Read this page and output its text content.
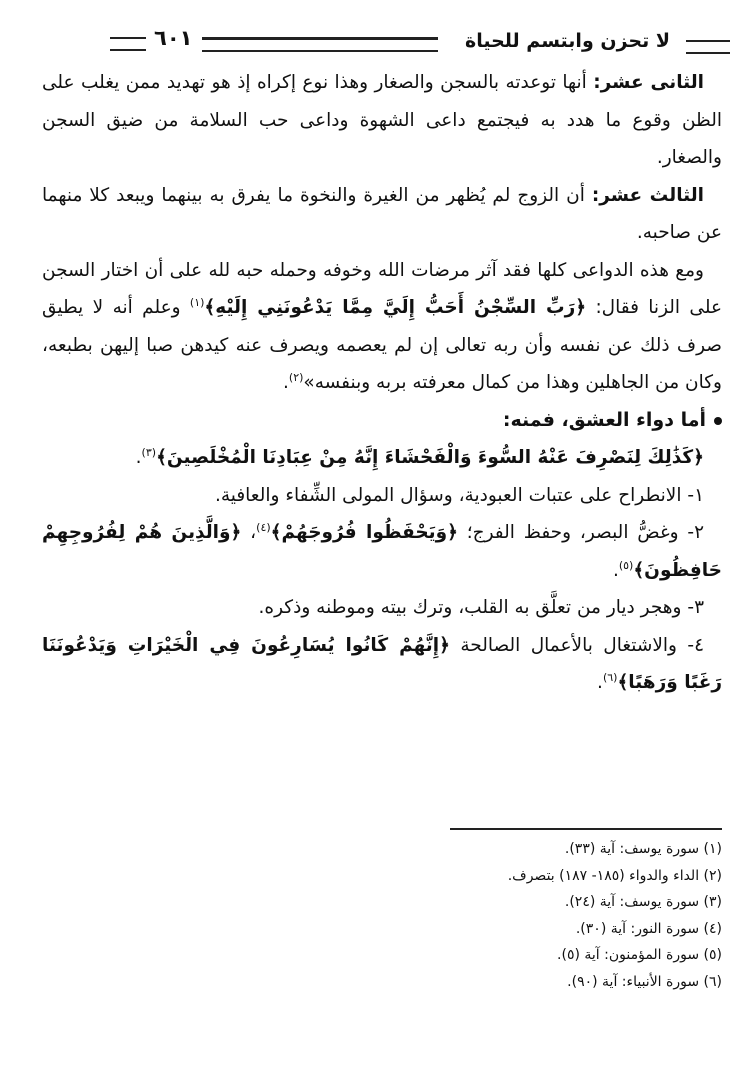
لا تحزن وابتسم للحياة
٦٠١

الثانى عشر: أنها توعدته بالسجن والصغار وهذا نوع إكراه إذ هو تهديد ممن يغلب على الظن وقوع ما هدد به فيجتمع داعى الشهوة وداعى حب السلامة من ضيق السجن والصغار.

الثالث عشر: أن الزوج لم يُظهر من الغيرة والنخوة ما يفرق به بينهما ويبعد كلا منهما عن صاحبه.

ومع هذه الدواعى كلها فقد آثر مرضات الله وخوفه وحمله حبه لله على أن اختار السجن على الزنا فقال: ﴿رَبِّ السِّجْنُ أَحَبُّ إِلَيَّ مِمَّا يَدْعُونَنِي إِلَيْهِ﴾$^{(١)}$ وعلم أنه لا يطيق صرف ذلك عن نفسه وأن ربه تعالى إن لم يعصمه ويصرف عنه كيدهن صبا إليهن بطبعه، وكان من الجاهلين وهذا من كمال معرفته بربه وبنفسه»$^{(٢)}$.

أما دواء العشق، فمنه:

﴿كَذَٰلِكَ لِنَصْرِفَ عَنْهُ السُّوءَ وَالْفَحْشَاءَ إِنَّهُ مِنْ عِبَادِنَا الْمُخْلَصِينَ﴾$^{(٣)}$.

١- الانطراح على عتبات العبودية، وسؤال المولى الشِّفاء والعافية.

٢- وغضُّ البصر، وحفظ الفرج؛ ﴿وَيَحْفَظُوا فُرُوجَهُمْ﴾$^{(٤)}$، ﴿وَالَّذِينَ هُمْ لِفُرُوجِهِمْ حَافِظُونَ﴾$^{(٥)}$.

٣- وهجر ديار من تعلَّق به القلب، وترك بيته وموطنه وذكره.

٤- والاشتغال بالأعمال الصالحة ﴿إِنَّهُمْ كَانُوا يُسَارِعُونَ فِي الْخَيْرَاتِ وَيَدْعُونَنَا رَغَبًا وَرَهَبًا﴾$^{(٦)}$.

(١) سورة يوسف: آية (٣٣).
(٢) الداء والدواء (١٨٥- ١٨٧) بتصرف.
(٣) سورة يوسف: آية (٢٤).
(٤) سورة النور: آية (٣٠).
(٥) سورة المؤمنون: آية (٥).
(٦) سورة الأنبياء: آية (٩٠).
